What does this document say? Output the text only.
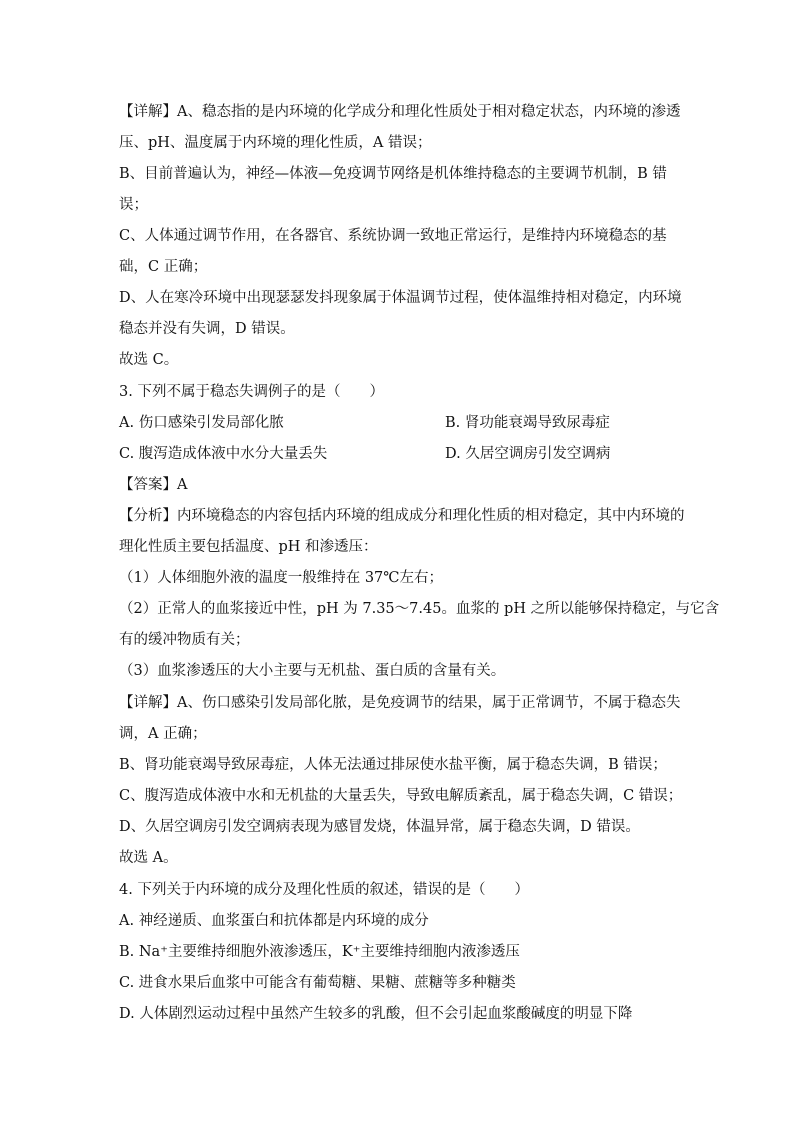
【详解】A、稳态指的是内环境的化学成分和理化性质处于相对稳定状态，内环境的渗透
压、pH、温度属于内环境的理化性质，A 错误；
B、目前普遍认为，神经—体液—免疫调节网络是机体维持稳态的主要调节机制，B 错
误；
C、人体通过调节作用，在各器官、系统协调一致地正常运行，是维持内环境稳态的基
础，C 正确；
D、人在寒冷环境中出现瑟瑟发抖现象属于体温调节过程，使体温维持相对稳定，内环境
稳态并没有失调，D 错误。
故选 C。
3. 下列不属于稳态失调例子的是（　　）
A. 伤口感染引发局部化脓	B. 肾功能衰竭导致尿毒症
C. 腹泻造成体液中水分大量丢失	D. 久居空调房引发空调病
【答案】A
【分析】内环境稳态的内容包括内环境的组成成分和理化性质的相对稳定，其中内环境的
理化性质主要包括温度、pH 和渗透压：
（1）人体细胞外液的温度一般维持在 37℃左右；
（2）正常人的血浆接近中性，pH 为 7.35～7.45。血浆的 pH 之所以能够保持稳定，与它含
有的缓冲物质有关；
（3）血浆渗透压的大小主要与无机盐、蛋白质的含量有关。
【详解】A、伤口感染引发局部化脓，是免疫调节的结果，属于正常调节，不属于稳态失
调，A 正确；
B、肾功能衰竭导致尿毒症，人体无法通过排尿使水盐平衡，属于稳态失调，B 错误；
C、腹泻造成体液中水和无机盐的大量丢失，导致电解质紊乱，属于稳态失调，C 错误；
D、久居空调房引发空调病表现为感冒发烧，体温异常，属于稳态失调，D 错误。
故选 A。
4. 下列关于内环境的成分及理化性质的叙述，错误的是（　　）
A. 神经递质、血浆蛋白和抗体都是内环境的成分
B. Na⁺主要维持细胞外液渗透压，K⁺主要维持细胞内液渗透压
C. 进食水果后血浆中可能含有葡萄糖、果糖、蔗糖等多种糖类
D. 人体剧烈运动过程中虽然产生较多的乳酸，但不会引起血浆酸碱度的明显下降
